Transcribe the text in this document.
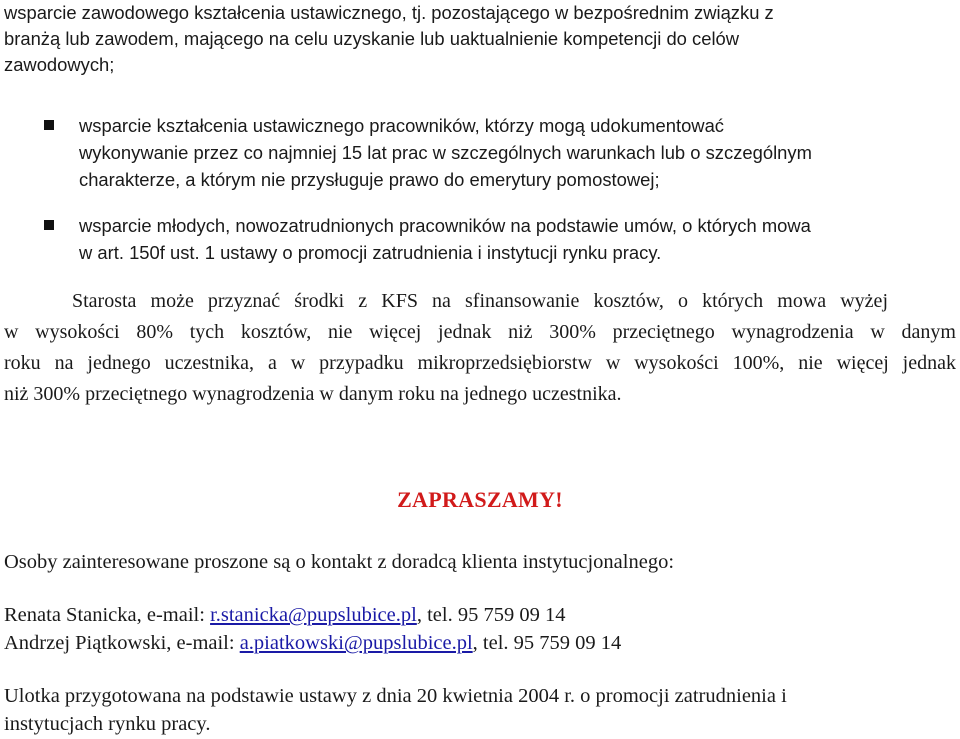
wsparcie zawodowego kształcenia ustawicznego, tj. pozostającego w bezpośrednim związku z
branżą lub zawodem, mającego na celu uzyskanie lub uaktualnienie kompetencji do celów
zawodowych;
wsparcie kształcenia ustawicznego pracowników, którzy mogą udokumentować
wykonywanie przez co najmniej 15 lat prac w szczególnych warunkach lub o szczególnym
charakterze, a którym nie przysługuje prawo do emerytury pomostowej;
wsparcie młodych, nowozatrudnionych pracowników na podstawie umów, o których mowa
w art. 150f ust. 1 ustawy o promocji zatrudnienia i instytucji rynku pracy.
Starosta może przyznać środki z KFS na sfinansowanie kosztów, o których mowa wyżej
w wysokości 80% tych kosztów, nie więcej jednak niż 300% przeciętnego wynagrodzenia w danym
roku na jednego uczestnika, a w przypadku mikroprzedsiębiorstw w wysokości 100%, nie więcej jednak
niż 300% przeciętnego wynagrodzenia w danym roku na jednego uczestnika.
ZAPRASZAMY!
Osoby zainteresowane proszone są o kontakt z doradcą klienta instytucjonalnego:
Renata Stanicka, e-mail: r.stanicka@pupslubice.pl, tel. 95 759 09 14
Andrzej Piątkowski, e-mail: a.piatkowski@pupslubice.pl, tel. 95 759 09 14
Ulotka przygotowana na podstawie ustawy z dnia 20 kwietnia 2004 r. o promocji zatrudnienia i
instytucjach rynku pracy.
